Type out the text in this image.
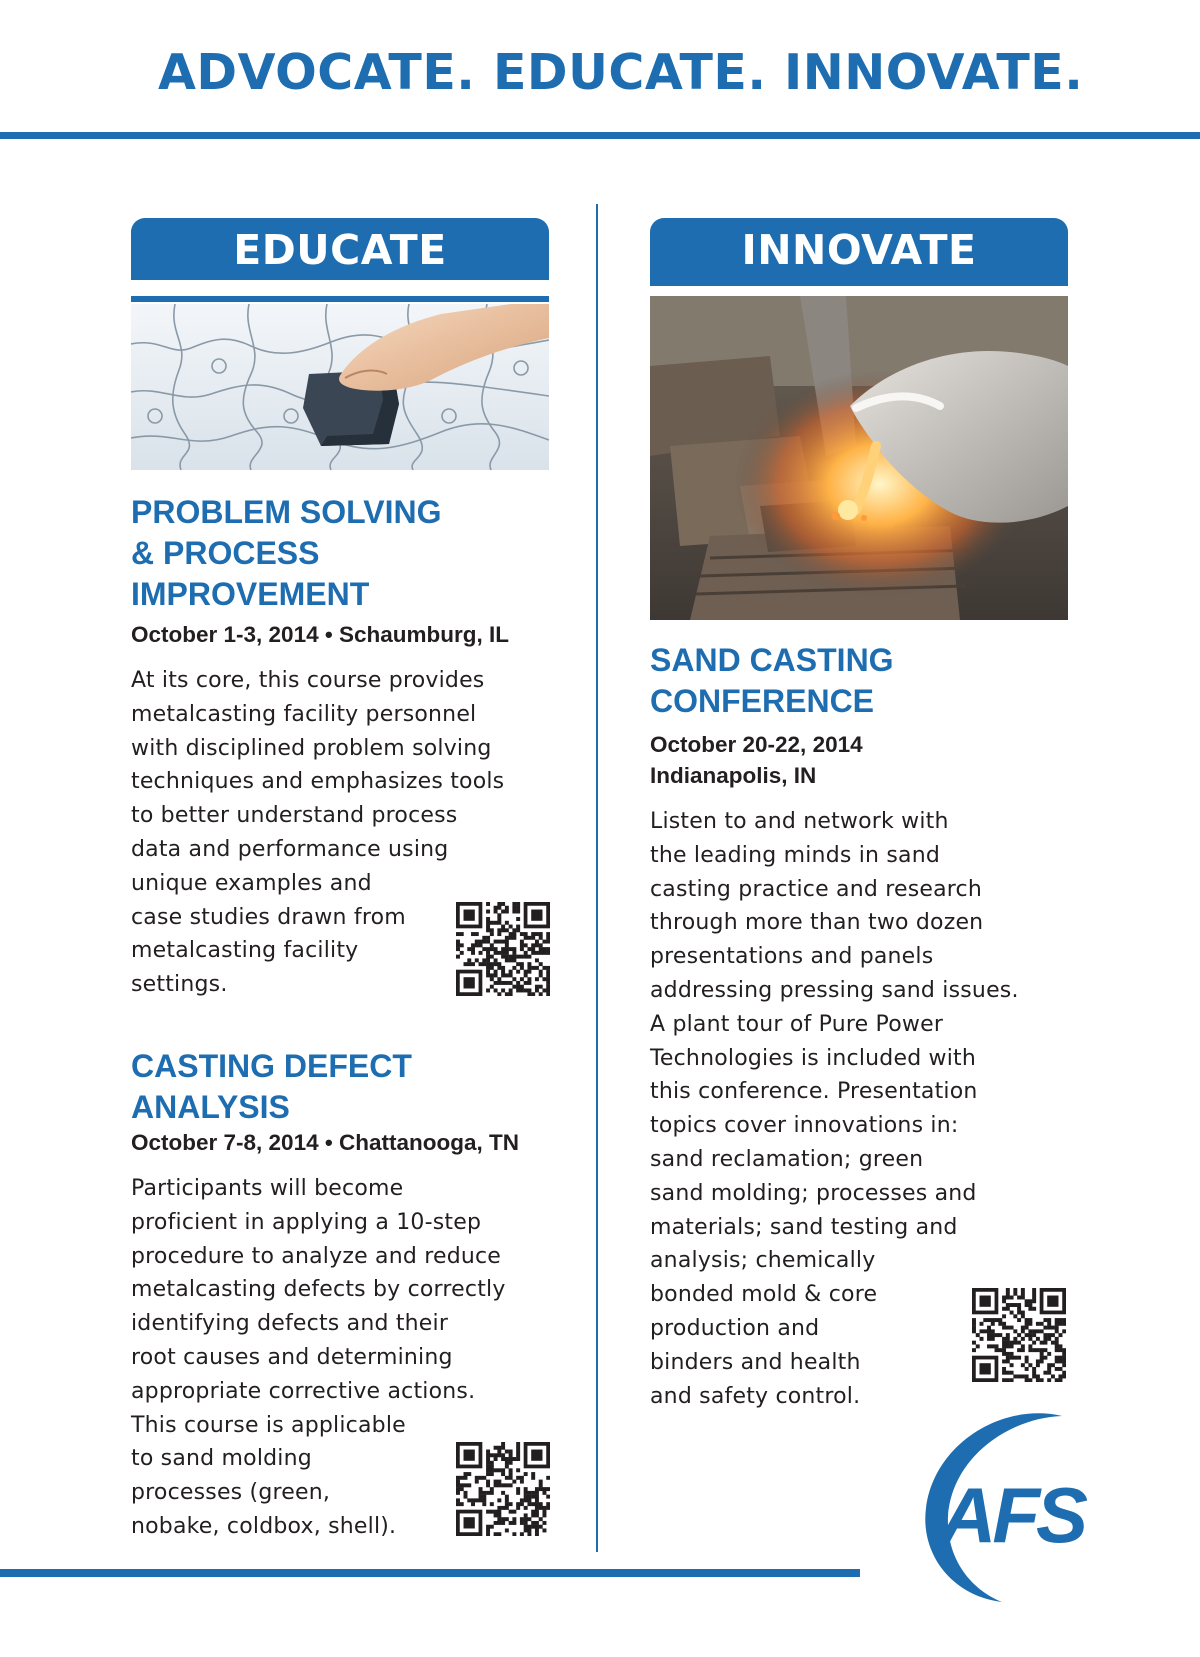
ADVOCATE. EDUCATE. INNOVATE.
EDUCATE
PROBLEM SOLVING
& PROCESS
IMPROVEMENT
October 1-3, 2014 • Schaumburg, IL
At its core, this course provides
metalcasting facility personnel
with disciplined problem solving
techniques and emphasizes tools
to better understand process
data and performance using
unique examples and
case studies drawn from
metalcasting facility
settings.
CASTING DEFECT
ANALYSIS
October 7-8, 2014 • Chattanooga, TN
Participants will become
proficient in applying a 10-step
procedure to analyze and reduce
metalcasting defects by correctly
identifying defects and their
root causes and determining
appropriate corrective actions.
This course is applicable
to sand molding
processes (green,
nobake, coldbox, shell).
INNOVATE
SAND CASTING
CONFERENCE
October 20-22, 2014
Indianapolis, IN
Listen to and network with
the leading minds in sand
casting practice and research
through more than two dozen
presentations and panels
addressing pressing sand issues.
A plant tour of Pure Power
Technologies is included with
this conference. Presentation
topics cover innovations in:
sand reclamation; green
sand molding; processes and
materials; sand testing and
analysis; chemically
bonded mold & core
production and
binders and health
and safety control.
AFS
